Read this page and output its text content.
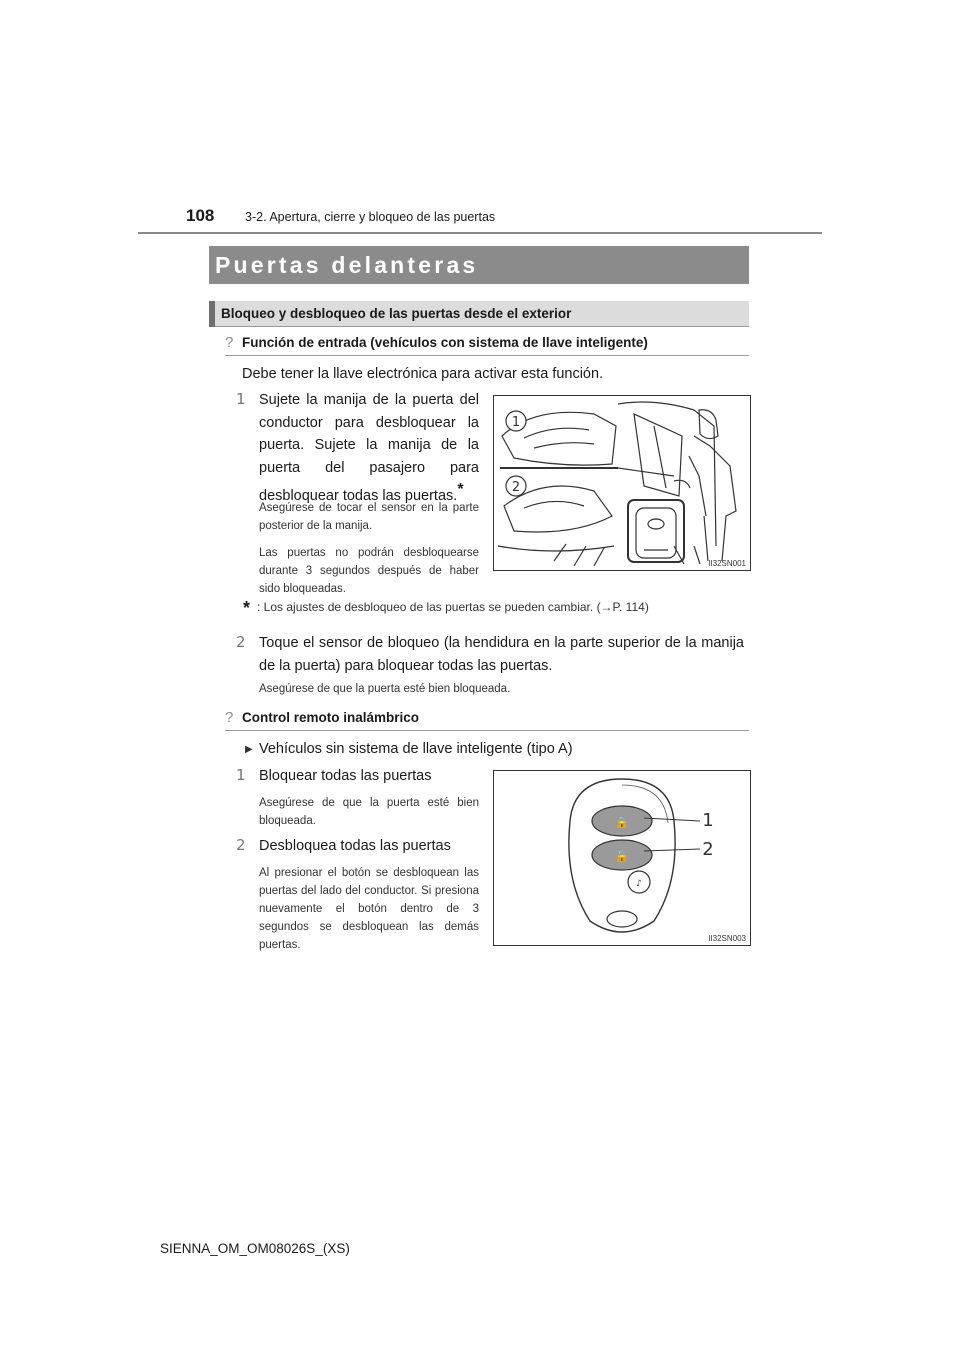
108 3-2. Apertura, cierre y bloqueo de las puertas
Puertas delanteras
Bloqueo y desbloqueo de las puertas desde el exterior
? Función de entrada (vehículos con sistema de llave inteligente)
Debe tener la llave electrónica para activar esta función.
1 Sujete la manija de la puerta del conductor para desbloquear la puerta. Sujete la manija de la puerta del pasajero para desbloquear todas las puertas.*
Asegúrese de tocar el sensor en la parte posterior de la manija.
Las puertas no podrán desbloquearse durante 3 segundos después de haber sido bloqueadas.
1
2
II32SN001
* : Los ajustes de desbloqueo de las puertas se pueden cambiar. (→P. 114)
2 Toque el sensor de bloqueo (la hendidura en la parte superior de la manija de la puerta) para bloquear todas las puertas.
Asegúrese de que la puerta esté bien bloqueada.
? Control remoto inalámbrico
▶ Vehículos sin sistema de llave inteligente (tipo A)
1 Bloquear todas las puertas
Asegúrese de que la puerta esté bien bloqueada.
2 Desbloquea todas las puertas
Al presionar el botón se desbloquean las puertas del lado del conductor. Si presiona nuevamente el botón dentro de 3 segundos se desbloquean las demás puertas.
🔒
🔓
♪
1
2
II32SN003
SIENNA_OM_OM08026S_(XS)
